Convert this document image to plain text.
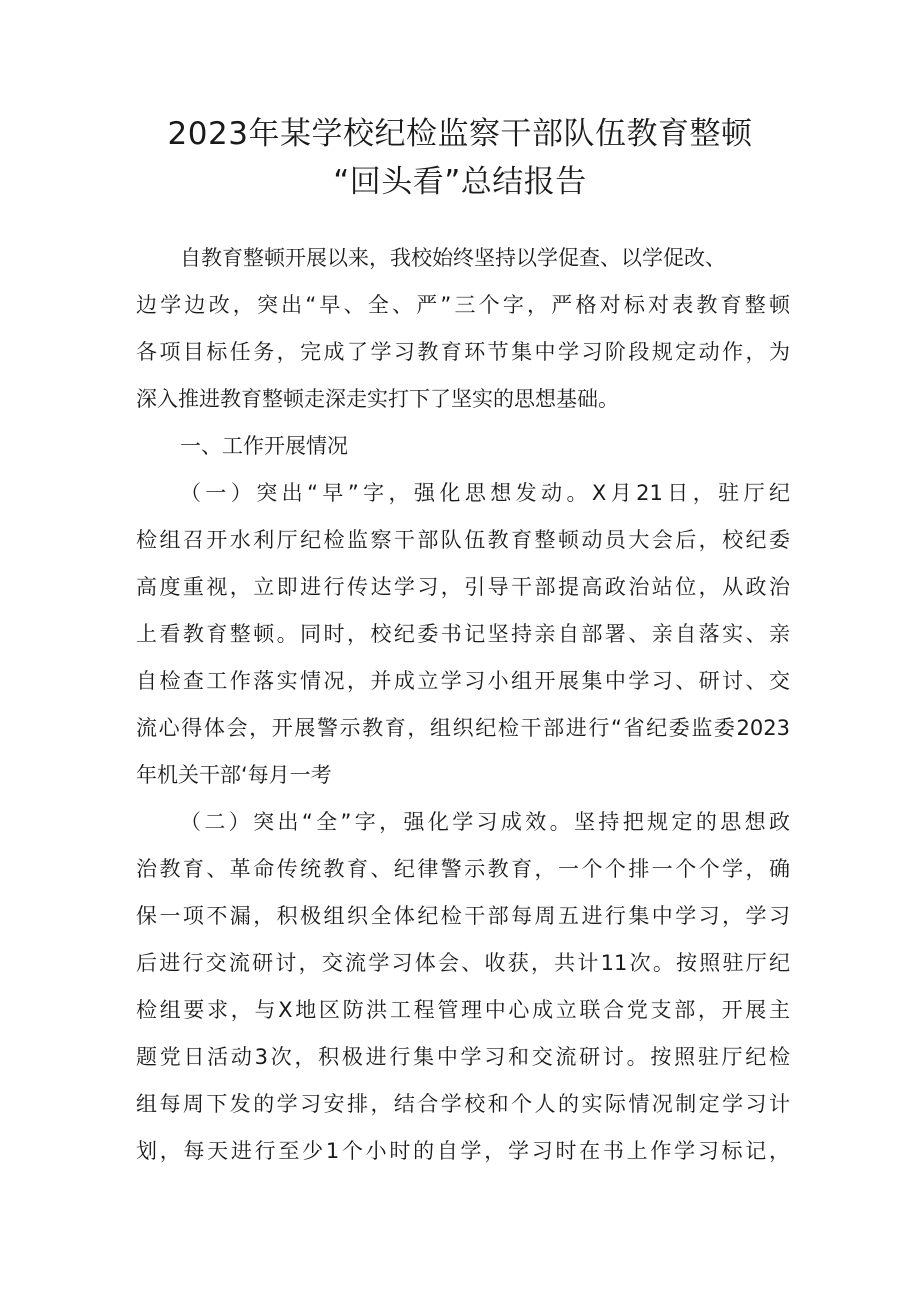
2023年某学校纪检监察干部队伍教育整顿
“回头看”总结报告

自教育整顿开展以来，我校始终坚持以学促查、以学促改、

边学边改，突出“早、全、严”三个字，严格对标对表教育整顿

各项目标任务，完成了学习教育环节集中学习阶段规定动作，为

深入推进教育整顿走深走实打下了坚实的思想基础。

一、工作开展情况

（一）突出“早”字，强化思想发动。X月21日，驻厅纪

检组召开水利厅纪检监察干部队伍教育整顿动员大会后，校纪委

高度重视，立即进行传达学习，引导干部提高政治站位，从政治

上看教育整顿。同时，校纪委书记坚持亲自部署、亲自落实、亲

自检查工作落实情况，并成立学习小组开展集中学习、研讨、交

流心得体会，开展警示教育，组织纪检干部进行“省纪委监委2023

年机关干部‘每月一考

（二）突出“全”字，强化学习成效。坚持把规定的思想政

治教育、革命传统教育、纪律警示教育，一个个排一个个学，确

保一项不漏，积极组织全体纪检干部每周五进行集中学习，学习

后进行交流研讨，交流学习体会、收获，共计11次。按照驻厅纪

检组要求，与X地区防洪工程管理中心成立联合党支部，开展主

题党日活动3次，积极进行集中学习和交流研讨。按照驻厅纪检

组每周下发的学习安排，结合学校和个人的实际情况制定学习计

划，每天进行至少1个小时的自学，学习时在书上作学习标记，
